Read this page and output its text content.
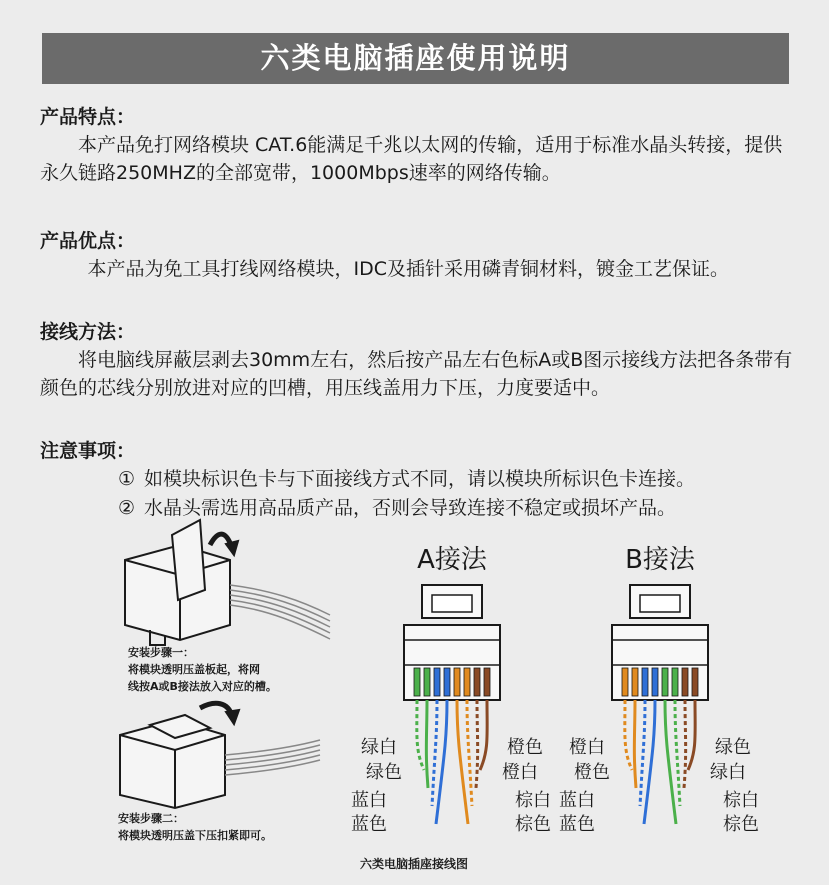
六类电脑插座使用说明

产品特点：

本产品免打网络模块 CAT.6能满足千兆以太网的传输，适用于标准水晶头转接，提供永久链路250MHZ的全部宽带，1000Mbps速率的网络传输。

产品优点：

本产品为免工具打线网络模块，IDC及插针采用磷青铜材料，镀金工艺保证。

接线方法：

将电脑线屏蔽层剥去30mm左右，然后按产品左右色标A或B图示接线方法把各条带有颜色的芯线分别放进对应的凹槽，用压线盖用力下压，力度要适中。

注意事项：

① 如模块标识色卡与下面接线方式不同，请以模块所标识色卡连接。
② 水晶头需选用高品质产品，否则会导致连接不稳定或损坏产品。
安装步骤一：
将模块透明压盖板起，将网
线按A或B接法放入对应的槽。
安装步骤二：
将模块透明压盖下压扣紧即可。
A接法
绿白
绿色
蓝白
蓝色
橙色
橙白
棕白
棕色
B接法
橙白
橙色
蓝白
蓝色
绿色
绿白
棕白
棕色
六类电脑插座接线图
